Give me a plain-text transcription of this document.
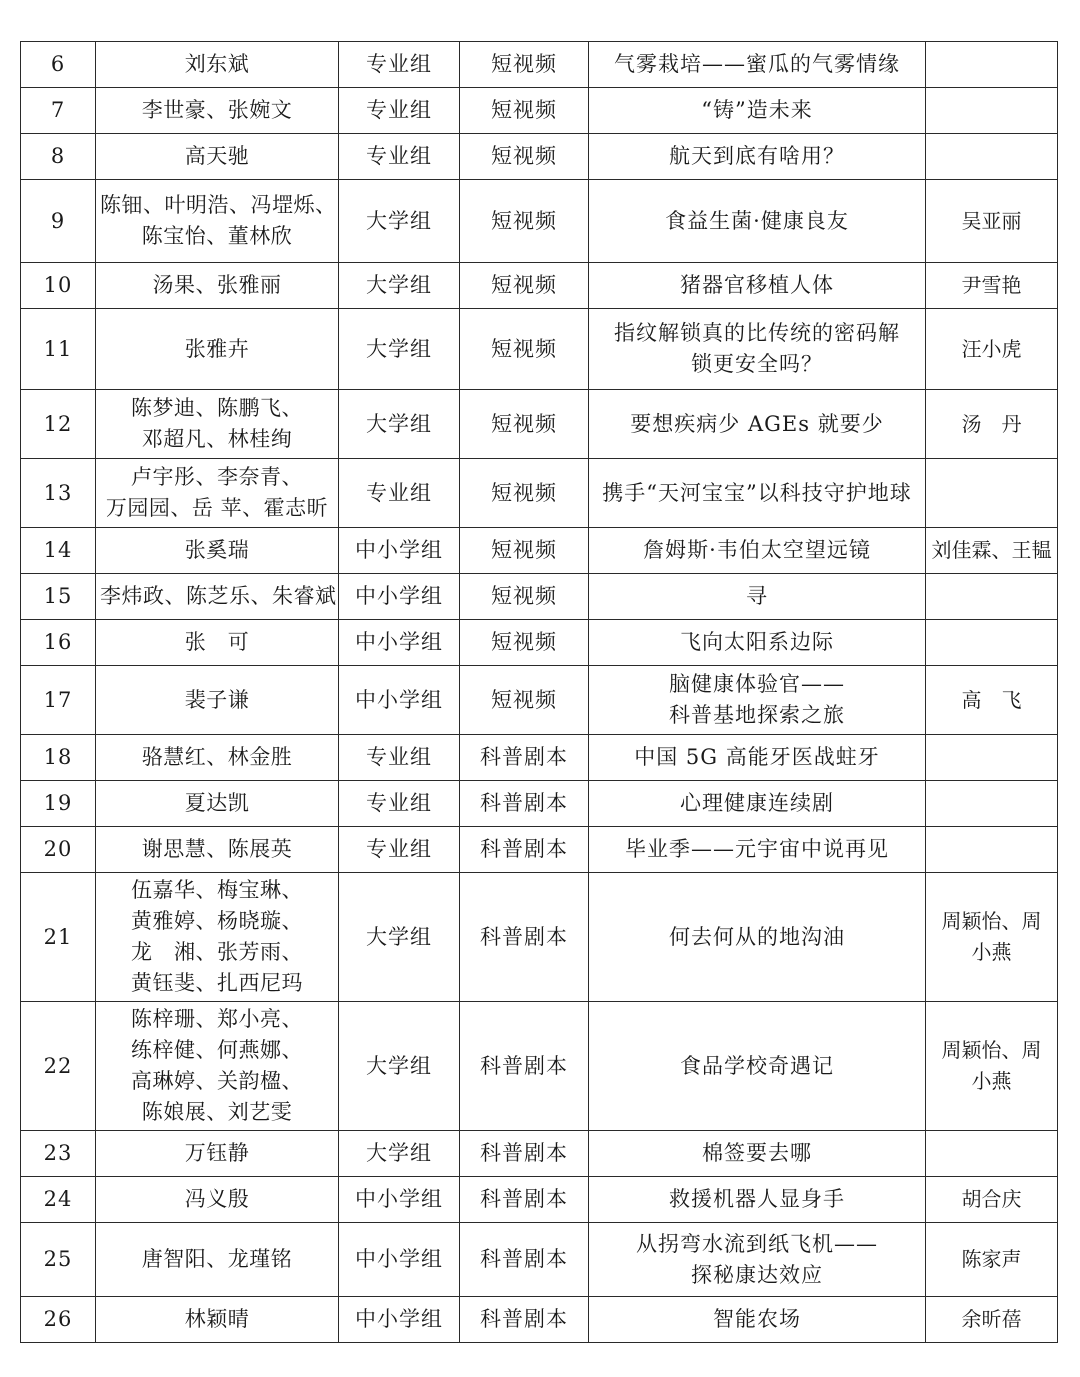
6	刘东斌	专业组	短视频	气雾栽培——蜜瓜的气雾情缘	

7	李世豪、张婉文	专业组	短视频	“铸”造未来	

8	高天驰	专业组	短视频	航天到底有啥用？	

9	陈钿、叶明浩、冯堽烁、
陈宝怡、董林欣	大学组	短视频	食益生菌·健康良友	吴亚丽

10	汤果、张雅丽	大学组	短视频	猪器官移植人体	尹雪艳

11	张雅卉	大学组	短视频	指纹解锁真的比传统的密码解
锁更安全吗？	汪小虎

12	陈梦迪、陈鹏飞、
邓超凡、林桂绚	大学组	短视频	要想疾病少 AGEs 就要少	汤　丹

13	卢宇彤、李奈青、
万园园、岳 苹、霍志昕	专业组	短视频	携手“天河宝宝”以科技守护地球	

14	张奚瑞	中小学组	短视频	詹姆斯·韦伯太空望远镜	刘佳霖、王韫

15	李炜政、陈芝乐、朱睿斌	中小学组	短视频	寻	

16	张　可	中小学组	短视频	飞向太阳系边际	

17	裴子谦	中小学组	短视频	脑健康体验官——
科普基地探索之旅	高　飞

18	骆慧红、林金胜	专业组	科普剧本	中国 5G 高能牙医战蛀牙	

19	夏达凯	专业组	科普剧本	心理健康连续剧	

20	谢思慧、陈展英	专业组	科普剧本	毕业季——元宇宙中说再见	

21	伍嘉华、梅宝琳、
黄雅婷、杨晓璇、
龙　湘、张芳雨、
黄钰斐、扎西尼玛	大学组	科普剧本	何去何从的地沟油	周颖怡、周
小燕

22	陈梓珊、郑小亮、
练梓健、何燕娜、
高琳婷、关韵楹、
陈娘展、刘艺雯	大学组	科普剧本	食品学校奇遇记	周颖怡、周
小燕

23	万钰静	大学组	科普剧本	棉签要去哪	

24	冯义殷	中小学组	科普剧本	救援机器人显身手	胡合庆

25	唐智阳、龙瑾铭	中小学组	科普剧本	从拐弯水流到纸飞机——
探秘康达效应	陈家声

26	林颖晴	中小学组	科普剧本	智能农场	余昕蓓
